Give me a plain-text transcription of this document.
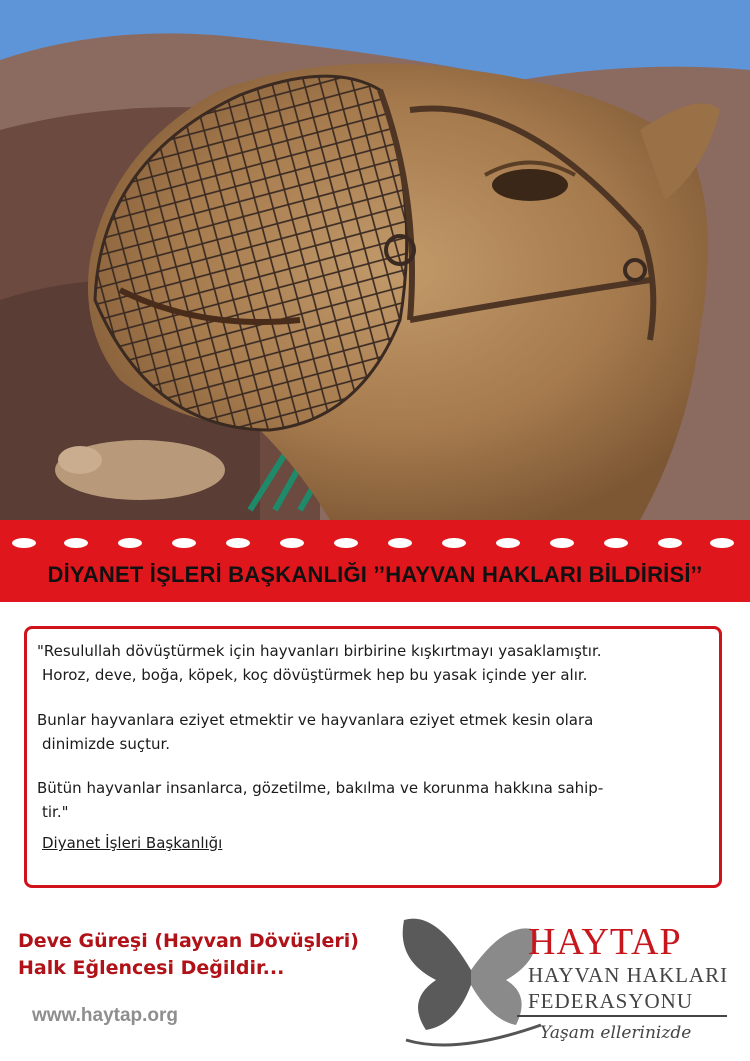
DİYANET İŞLERİ BAŞKANLIĞI ’’HAYVAN HAKLARI BİLDİRİSİ’’
"Resulullah dövüştürmek için hayvanları birbirine kışkırtmayı yasaklamıştır.
Horoz, deve, boğa, köpek, koç dövüştürmek hep bu yasak içinde yer alır.
Bunlar hayvanlara eziyet etmektir ve hayvanlara eziyet etmek kesin olara
dinimizde suçtur.
Bütün hayvanlar insanlarca, gözetilme, bakılma ve korunma hakkına sahip-
tir."
Diyanet İşleri Başkanlığı
Deve Güreşi (Hayvan Dövüşleri)
Halk Eğlencesi Değildir...
www.haytap.org
HAYTAP
HAYVAN HAKLARI
FEDERASYONU
Yaşam ellerinizde
